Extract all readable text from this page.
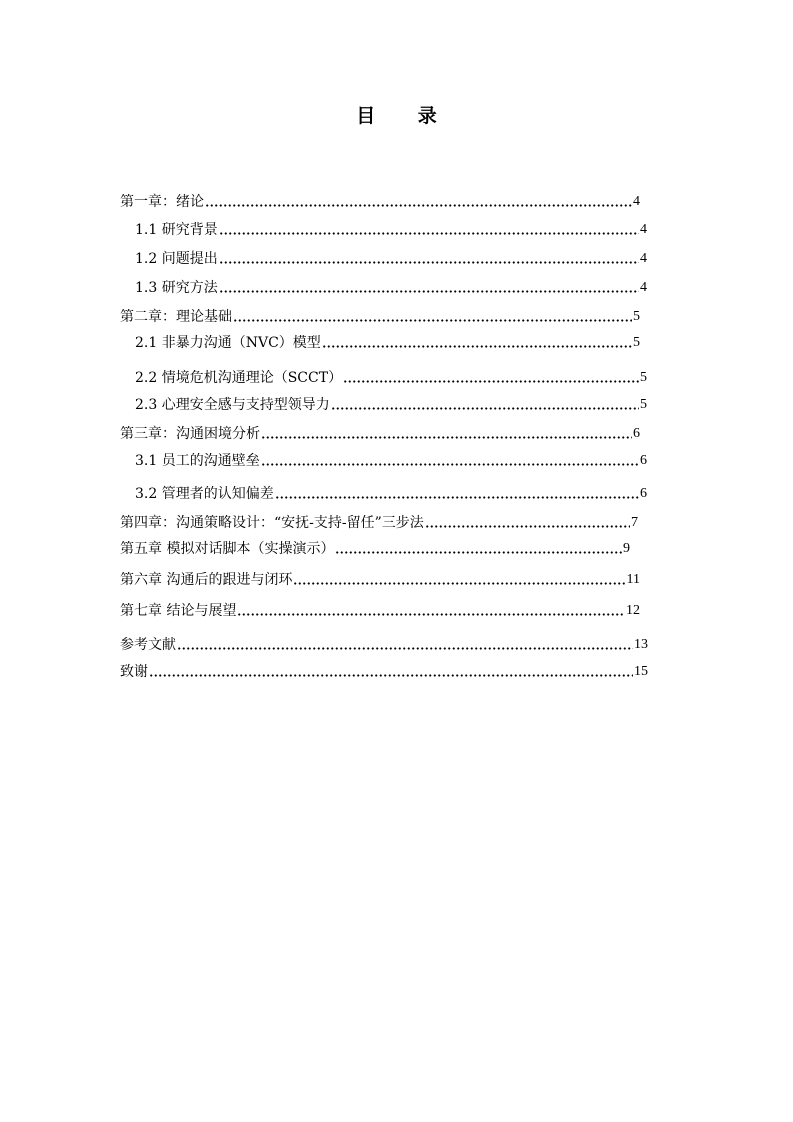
目 录
第一章：绪论	4
1.1 研究背景	4
1.2 问题提出	4
1.3 研究方法	4
第二章：理论基础	5
2.1 非暴力沟通（NVC）模型	5
2.2 情境危机沟通理论（SCCT）	5
2.3 心理安全感与支持型领导力	5
第三章：沟通困境分析	6
3.1 员工的沟通壁垒	6
3.2 管理者的认知偏差	6
第四章：沟通策略设计：“安抚-支持-留任”三步法	7
第五章 模拟对话脚本（实操演示）	9
第六章 沟通后的跟进与闭环	11
第七章 结论与展望	12
参考文献	13
致谢	15
